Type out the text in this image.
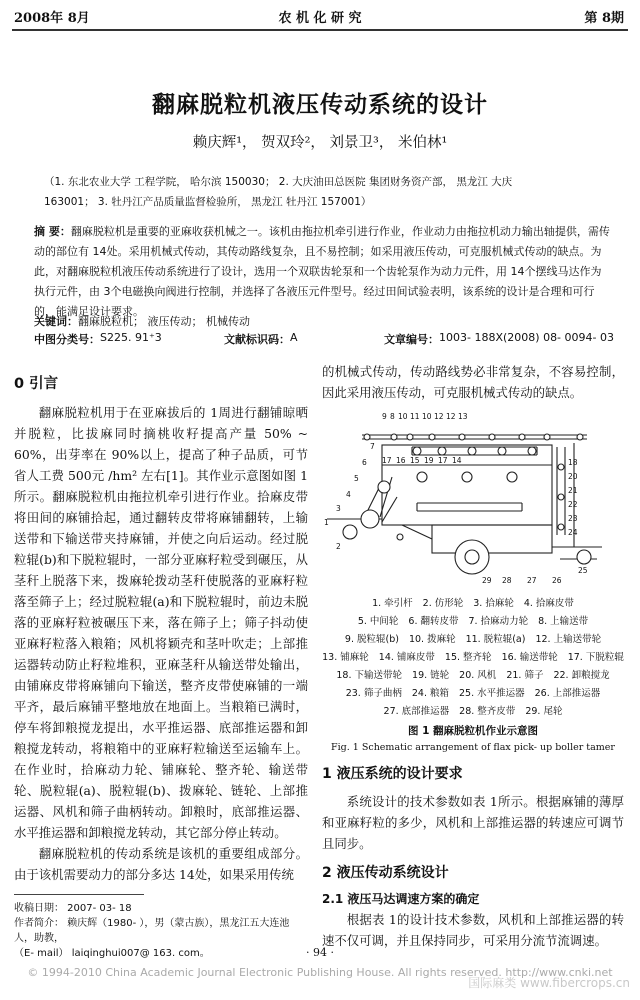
2008年 8月	农 机 化 研 究	第 8期
翻麻脱粒机液压传动系统的设计
赖庆辉¹， 贺双玲²， 刘景卫³， 米伯林¹
（1. 东北农业大学 工程学院， 哈尔滨 150030； 2. 大庆油田总医院 集团财务资产部， 黑龙江 大庆
163001； 3. 牡丹江产品质量监督检验所， 黑龙江 牡丹江 157001）
摘 要：翻麻脱粒机是重要的亚麻收获机械之一。该机由拖拉机牵引进行作业，作业动力由拖拉机动力输出轴提供，需传动的部位有 14处。采用机械式传动，其传动路线复杂，且不易控制；如采用液压传动，可克服机械式传动的缺点。为此，对翻麻脱粒机液压传动系统进行了设计，选用一个双联齿轮泵和一个齿轮泵作为动力元件，用 14个摆线马达作为执行元件，由 3个电磁换向阀进行控制，并选择了各液压元件型号。经过田间试验表明，该系统的设计是合理和可行的，能满足设计要求。
关键词：翻麻脱粒机； 液压传动； 机械传动
中图分类号： S225. 91⁺3	文献标识码： A	文章编号： 1003- 188X(2008) 08- 0094- 03
0 引言

翻麻脱粒机用于在亚麻拔后的 1周进行翻铺晾晒并脱粒，比拔麻同时摘桃收籽提高产量 50% ~ 60%，出芽率在 90%以上，提高了种子品质，可节省人工费 500元 /hm² 左右[1]。其作业示意图如图 1所示。翻麻脱粒机由拖拉机牵引进行作业。拾麻皮带将田间的麻铺拾起，通过翻转皮带将麻铺翻转，上输送带和下输送带夹持麻铺，并使之向后运动。经过脱粒辊(b)和下脱粒辊时，一部分亚麻籽粒受到碾压，从茎秆上脱落下来，拨麻轮拨动茎秆使脱落的亚麻籽粒落至筛子上；经过脱粒辊(a)和下脱粒辊时，前边未脱落的亚麻籽粒被碾压下来，落在筛子上；筛子抖动使亚麻籽粒落入粮箱；风机将颖壳和茎叶吹走；上部推运器转动防止籽粒堆积，亚麻茎秆从输送带处输出，由铺麻皮带将麻铺向下输送，整齐皮带使麻铺的一端平齐，最后麻铺平整地放在地面上。当粮箱已满时，停车将卸粮搅龙提出，水平推运器、底部推运器和卸粮搅龙转动，将粮箱中的亚麻籽粒输送至运输车上。在作业时，拾麻动力轮、铺麻轮、整齐轮、输送带轮、脱粒辊(a)、脱粒辊(b)、拨麻轮、链轮、上部推运器、风机和筛子曲柄转动。卸粮时，底部推运器、水平推运器和卸粮搅龙转动，其它部分停止转动。

翻麻脱粒机的传动系统是该机的重要组成部分。由于该机需要动力的部分多达 14处，如果采用传统

收稿日期： 2007- 03- 18
作者简介： 赖庆辉（1980- ），男（蒙古族），黑龙江五大连池人，助教，
（E- mail） laiqinghui007@ 163. com。

的机械式传动，传动路线势必非常复杂，不容易控制，因此采用液压传动，可克服机械式传动的缺点。

9 8 10 11 10 12 12 13
17 16 15 19 17 14	18
20
21
22
23
24
25
26
27
28
29
7
6
5
4
3
2
1
1. 牵引杆 2. 仿形轮 3. 拾麻轮 4. 拾麻皮带
5. 中间轮 6. 翻转皮带 7. 拾麻动力轮 8. 上输送带
9. 脱粒辊(b) 10. 拨麻轮 11. 脱粒辊(a) 12. 上输送带轮
13. 铺麻轮 14. 铺麻皮带 15. 整齐轮 16. 输送带轮 17. 下脱粒辊
18. 下输送带轮 19. 链轮 20. 风机 21. 筛子 22. 卸粮搅龙
23. 筛子曲柄 24. 粮箱 25. 水平推运器 26. 上部推运器
27. 底部推运器 28. 整齐皮带 29. 尾轮
图 1 翻麻脱粒机作业示意图
Fig. 1 Schematic arrangement of flax pick- up boller tamer
1 液压系统的设计要求

系统设计的技术参数如表 1所示。根据麻铺的薄厚和亚麻籽粒的多少，风机和上部推运器的转速应可调节且同步。

2 液压传动系统设计
2.1 液压马达调速方案的确定

根据表 1的设计技术参数，风机和上部推运器的转速不仅可调，并且保持同步，可采用分流节流调速。

· 94 ·
© 1994-2010 China Academic Journal Electronic Publishing House. All rights reserved. http://www.cnki.net
国际麻类 www.fibercrops.cn
